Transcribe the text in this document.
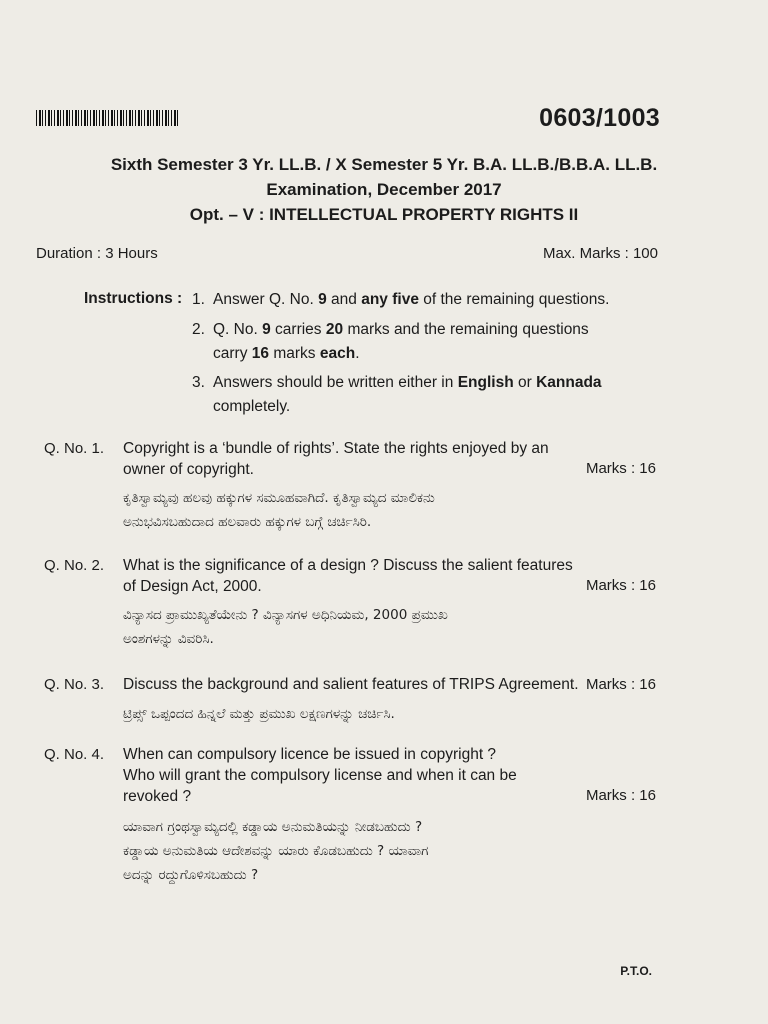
0603/1003
Sixth Semester 3 Yr. LL.B. / X Semester 5 Yr. B.A. LL.B./B.B.A. LL.B.
Examination, December 2017
Opt. – V : INTELLECTUAL PROPERTY RIGHTS II
Duration : 3 Hours	Max. Marks : 100
Instructions : 1. Answer Q. No. 9 and any five of the remaining questions.
2. Q. No. 9 carries 20 marks and the remaining questions
carry 16 marks each.
3. Answers should be written either in English or Kannada
completely.
Q. No. 1. Copyright is a ‘bundle of rights’. State the rights enjoyed by an
owner of copyright.	Marks : 16
ಕೃತಿಸ್ವಾಮ್ಯವು ಹಲವು ಹಕ್ಕುಗಳ ಸಮೂಹವಾಗಿದೆ. ಕೃತಿಸ್ವಾಮ್ಯದ ಮಾಲಿಕನು
ಅನುಭವಿಸಬಹುದಾದ ಹಲವಾರು ಹಕ್ಕುಗಳ ಬಗ್ಗೆ ಚರ್ಚಿಸಿರಿ.
Q. No. 2. What is the significance of a design ? Discuss the salient features
of Design Act, 2000.	Marks : 16
ವಿನ್ಯಾಸದ ಪ್ರಾಮುಖ್ಯತೆಯೇನು ? ವಿನ್ಯಾಸಗಳ ಅಧಿನಿಯಮ, 2000 ಪ್ರಮುಖ
ಅಂಶಗಳನ್ನು ವಿವರಿಸಿ.
Q. No. 3. Discuss the background and salient features of TRIPS Agreement. Marks : 16
ಟ್ರಿಪ್ಸ್ ಒಪ್ಪಂದದ ಹಿನ್ನಲೆ ಮತ್ತು ಪ್ರಮುಖ ಲಕ್ಷಣಗಳನ್ನು ಚರ್ಚಿಸಿ.
Q. No. 4. When can compulsory licence be issued in copyright ?
Who will grant the compulsory license and when it can be
revoked ?	Marks : 16
ಯಾವಾಗ ಗ್ರಂಥಸ್ವಾಮ್ಯದಲ್ಲಿ ಕಡ್ಡಾಯ ಅನುಮತಿಯನ್ನು ನೀಡಬಹುದು ?
ಕಡ್ಡಾಯ ಅನುಮತಿಯ ಆದೇಶವನ್ನು ಯಾರು ಕೊಡಬಹುದು ? ಯಾವಾಗ
ಅದನ್ನು ರದ್ದುಗೊಳಿಸಬಹುದು ?
P.T.O.
